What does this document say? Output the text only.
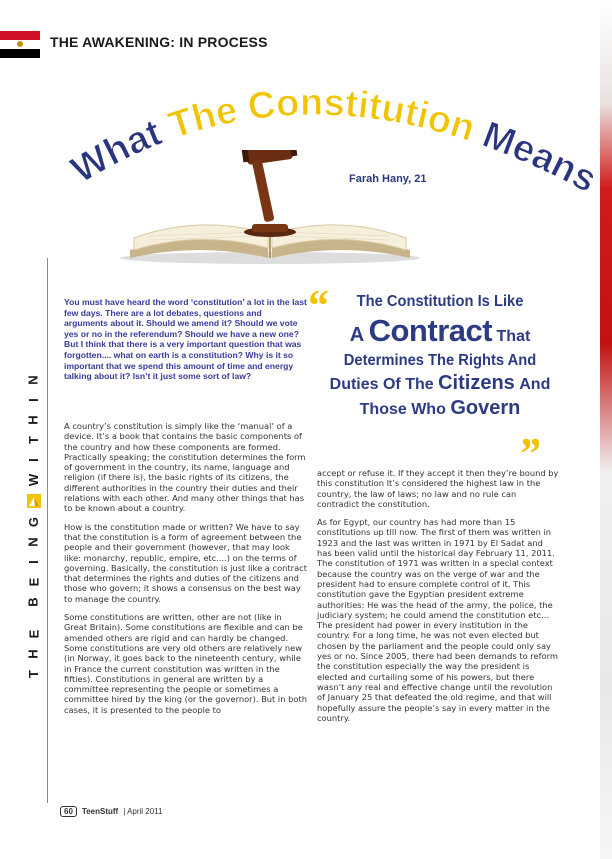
THE AWAKENING: IN PROCESS
What The Constitution Means
Farah Hany, 21
N
I
H
T
I
W
G
N
I
E
B
E
H
T
You must have heard the word ‘constitution’ a lot in the last few days. There are a lot debates, questions and arguments about it. Should we amend it? Should we vote yes or no in the referendum? Should we have a new one? But I think that there is a very important question that was forgotten.... what on earth is a constitution? Why is it so important that we spend this amount of time and energy talking about it? Isn’t it just some sort of law?

A country’s constitution is simply like the ‘manual’ of a device. It’s a book that contains the basic components of the country and how these components are formed. Practically speaking; the constitution determines the form of government in the country, its name, language and religion (if there is), the basic rights of its citizens, the different authorities in the country their duties and their relations with each other. And many other things that has to be known about a country.

How is the constitution made or written? We have to say that the constitution is a form of agreement between the people and their government (however, that may look like: monarchy, republic, empire, etc....) on the terms of governing. Basically, the constitution is just like a contract that determines the rights and duties of the citizens and those who govern; it shows a consensus on the best way to manage the country.

Some constitutions are written, other are not (like in Great Britain). Some constitutions are flexible and can be amended others are rigid and can hardly be changed. Some constitutions are very old others are relatively new (in Norway, it goes back to the nineteenth century, while in France the current constitution was written in the fifties). Constitutions in general are written by a committee representing the people or sometimes a committee hired by the king (or the governor). But in both cases, it is presented to the people to

The Constitution Is Like
A Contract That
Determines The Rights And
Duties Of The Citizens And
Those Who Govern
“
”

accept or refuse it. If they accept it then they’re bound by this constitution It’s considered the highest law in the country, the law of laws; no law and no rule can contradict the constitution.

As for Egypt, our country has had more than 15 constitutions up till now. The first of them was written in 1923 and the last was written in 1971 by El Sadat and has been valid until the historical day February 11, 2011. The constitution of 1971 was written in a special context because the country was on the verge of war and the president had to ensure complete control of it. This constitution gave the Egyptian president extreme authorities: He was the head of the army, the police, the judiciary system; he could amend the constitution etc… The president had power in every institution in the country. For a long time, he was not even elected but chosen by the parliament and the people could only say yes or no. Since 2005, there had been demands to reform the constitution especially the way the president is elected and curtailing some of his powers, but there wasn’t any real and effective change until the revolution of January 25 that defeated the old regime, and that will hopefully assure the people’s say in every matter in the country.

60	TeenStuff | April 2011
